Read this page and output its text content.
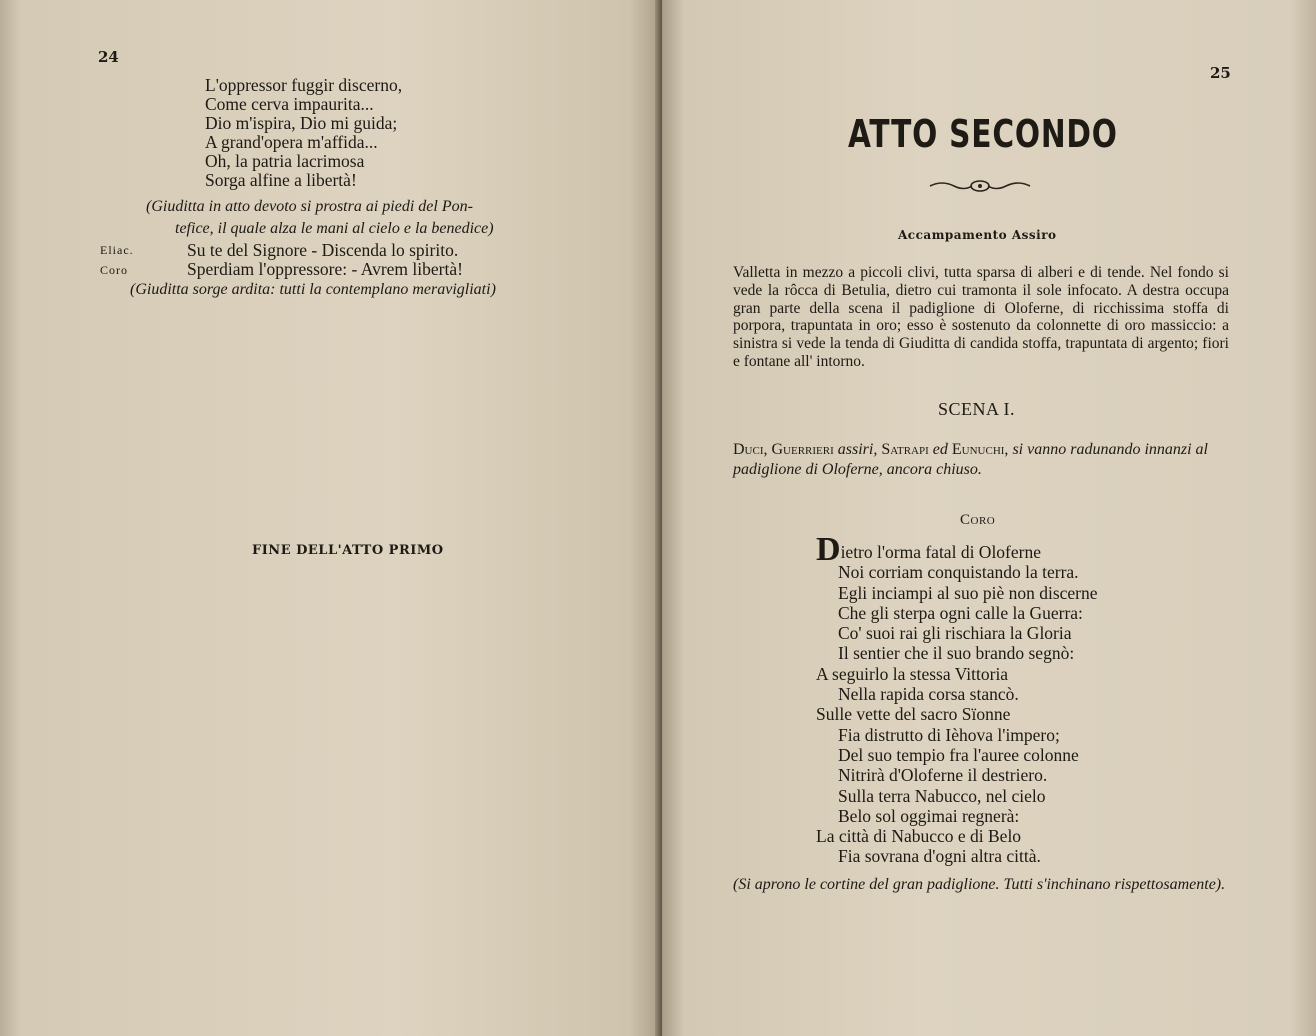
24
L'oppressor fuggir discerno,
Come cerva impaurita...
Dio m'ispira, Dio mi guida;
A grand'opera m'affida...
Oh, la patria lacrimosa
Sorga alfine a libertà!
(Giuditta in atto devoto si prostra ai piedi del Pon-
tefice, il quale alza le mani al cielo e la benedice)
Eliac.	Su te del Signore - Discenda lo spirito.
Coro	Sperdiam l'oppressore: - Avrem libertà!
(Giuditta sorge ardita: tutti la contemplano meravigliati)
FINE DELL'ATTO PRIMO
25
ATTO SECONDO
Accampamento Assiro
Valletta in mezzo a piccoli clivi, tutta sparsa di alberi e di tende. Nel fondo si vede la rôcca di Betulia, dietro cui tramonta il sole infocato. A destra occupa gran parte della scena il padiglione di Oloferne, di ricchissima stoffa di porpora, trapuntata in oro; esso è sostenuto da colonnette di oro massiccio: a sinistra si vede la tenda di Giuditta di candida stoffa, trapuntata di argento; fiori e fontane all' intorno.
SCENA I.
Duci, Guerrieri assiri, Satrapi ed Eunuchi, si vanno radunando innanzi al padiglione di Oloferne, ancora chiuso.
Coro
Dietro l'orma fatal di Oloferne
Noi corriam conquistando la terra.
Egli inciampi al suo piè non discerne
Che gli sterpa ogni calle la Guerra:
Co' suoi rai gli rischiara la Gloria
Il sentier che il suo brando segnò:
A seguirlo la stessa Vittoria
Nella rapida corsa stancò.
Sulle vette del sacro Sïonne
Fia distrutto di Ièhova l'impero;
Del suo tempio fra l'auree colonne
Nitrirà d'Oloferne il destriero.
Sulla terra Nabucco, nel cielo
Belo sol oggimai regnerà:
La città di Nabucco e di Belo
Fia sovrana d'ogni altra città.
(Si aprono le cortine del gran padiglione. Tutti s'inchinano rispettosamente).
